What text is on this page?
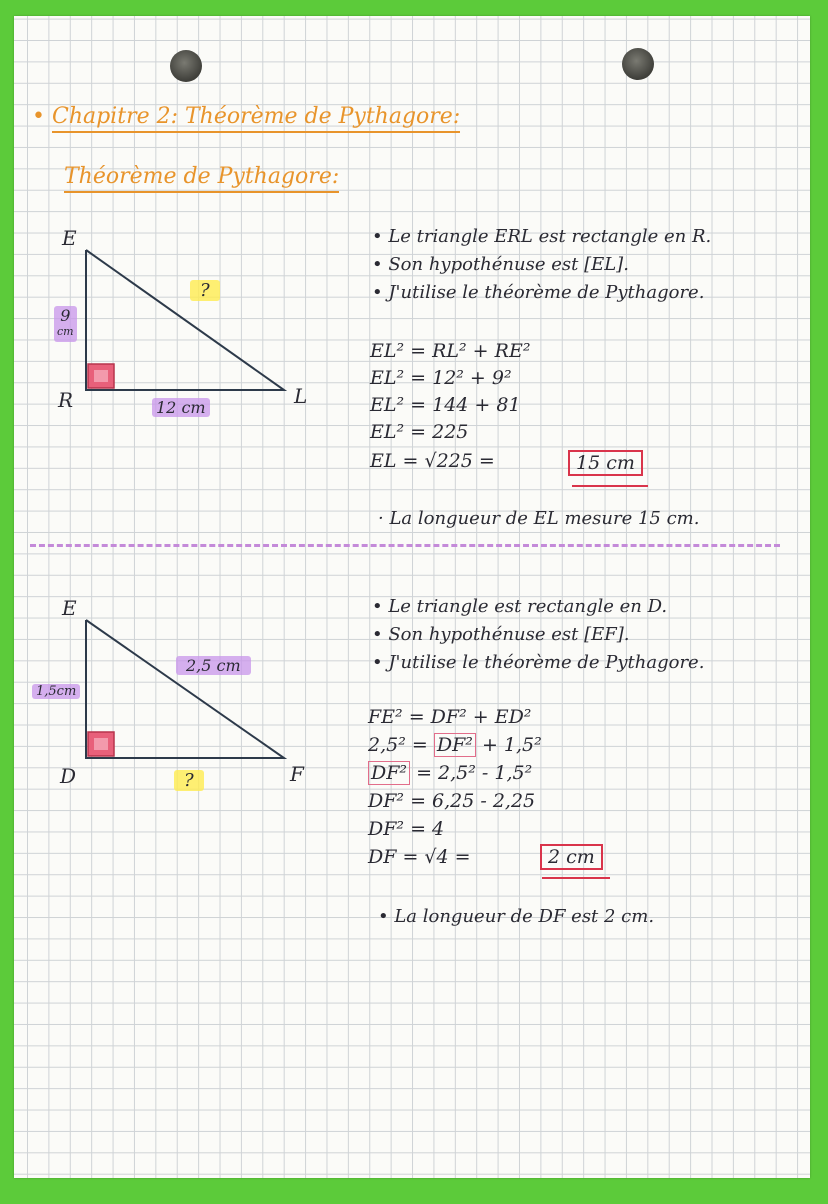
• Chapitre 2: Théorème de Pythagore:
Théorème de Pythagore:
E
R	L
9
cm
12 cm
?
• Le triangle ERL est rectangle en R.
• Son hypothénuse est [EL].
• J'utilise le théorème de Pythagore.
EL² = RL² + RE²
EL² = 12² + 9²
EL² = 144 + 81
EL² = 225
EL = √225 =	15 cm
· La longueur de EL mesure 15 cm.
E
D	F
1,5cm
2,5 cm
?
• Le triangle est rectangle en D.
• Son hypothénuse est [EF].
• J'utilise le théorème de Pythagore.
FE² = DF² + ED²
2,5² = DF² + 1,5²
DF² = 2,5² - 1,5²
DF² = 6,25 - 2,25
DF² = 4
DF = √4 =	2 cm
• La longueur de DF est 2 cm.
